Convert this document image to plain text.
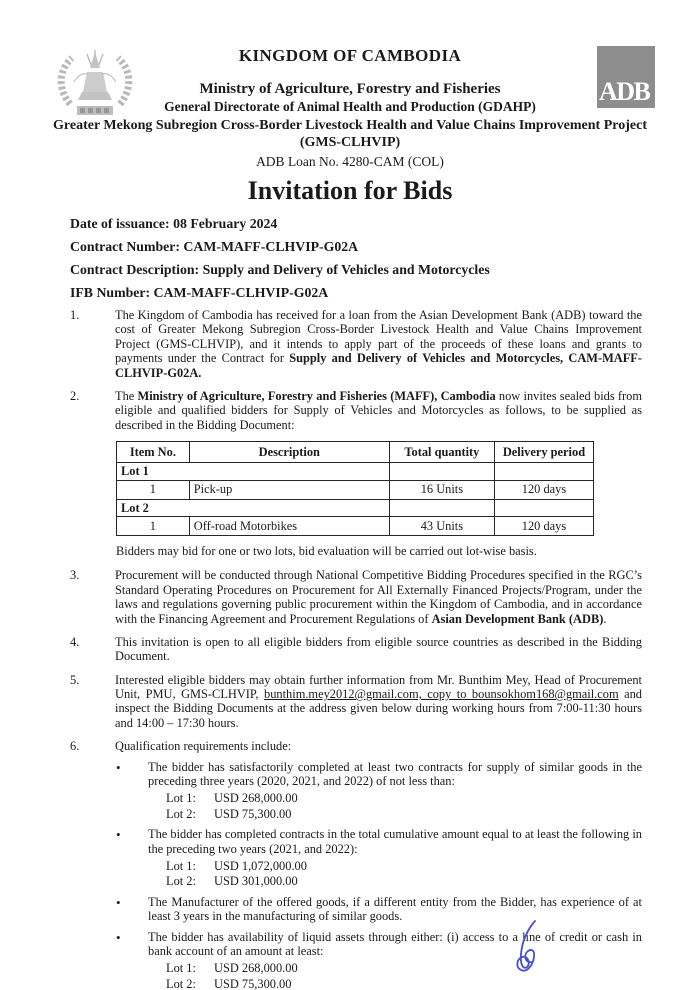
ADB
KINGDOM OF CAMBODIA
Ministry of Agriculture, Forestry and Fisheries
General Directorate of Animal Health and Production (GDAHP)
Greater Mekong Subregion Cross-Border Livestock Health and Value Chains Improvement Project (GMS-CLHVIP)
ADB Loan No. 4280-CAM (COL)
Invitation for Bids
Date of issuance: 08 February 2024
Contract Number: CAM-MAFF-CLHVIP-G02A
Contract Description: Supply and Delivery of Vehicles and Motorcycles
IFB Number: CAM-MAFF-CLHVIP-G02A
1.	The Kingdom of Cambodia has received for a loan from the Asian Development Bank (ADB) toward the cost of Greater Mekong Subregion Cross-Border Livestock Health and Value Chains Improvement Project (GMS-CLHVIP), and it intends to apply part of the proceeds of these loans and grants to payments under the Contract for Supply and Delivery of Vehicles and Motorcycles, CAM-MAFF-CLHVIP-G02A.
2.	The Ministry of Agriculture, Forestry and Fisheries (MAFF), Cambodia now invites sealed bids from eligible and qualified bidders for Supply of Vehicles and Motorcycles as follows, to be supplied as described in the Bidding Document:
Item No.	Description	Total quantity	Delivery period
Lot 1			
1	Pick-up	16 Units	120 days
Lot 2			
1	Off-road Motorbikes	43 Units	120 days
Bidders may bid for one or two lots, bid evaluation will be carried out lot-wise basis.
3.	Procurement will be conducted through National Competitive Bidding Procedures specified in the RGC’s Standard Operating Procedures on Procurement for All Externally Financed Projects/Program, under the laws and regulations governing public procurement within the Kingdom of Cambodia, and in accordance with the Financing Agreement and Procurement Regulations of Asian Development Bank (ADB).
4.	This invitation is open to all eligible bidders from eligible source countries as described in the Bidding Document.
5.	Interested eligible bidders may obtain further information from Mr. Bunthim Mey, Head of Procurement Unit, PMU, GMS-CLHVIP, bunthim.mey2012@gmail.com, copy to bounsokhom168@gmail.com and inspect the Bidding Documents at the address given below during working hours from 7:00-11:30 hours and 14:00 – 17:30 hours.
6.	Qualification requirements include:
•
The bidder has satisfactorily completed at least two contracts for supply of similar goods in the preceding three years (2020, 2021, and 2022) of not less than:
Lot 1:	USD 268,000.00
Lot 2:	USD 75,300.00
•
The bidder has completed contracts in the total cumulative amount equal to at least the following in the preceding two years (2021, and 2022):
Lot 1:	USD 1,072,000.00
Lot 2:	USD 301,000.00
•
The Manufacturer of the offered goods, if a different entity from the Bidder, has experience of at least 3 years in the manufacturing of similar goods.
•
The bidder has availability of liquid assets through either: (i) access to a line of credit or cash in bank account of an amount at least:
Lot 1:	USD 268,000.00
Lot 2:	USD 75,300.00
